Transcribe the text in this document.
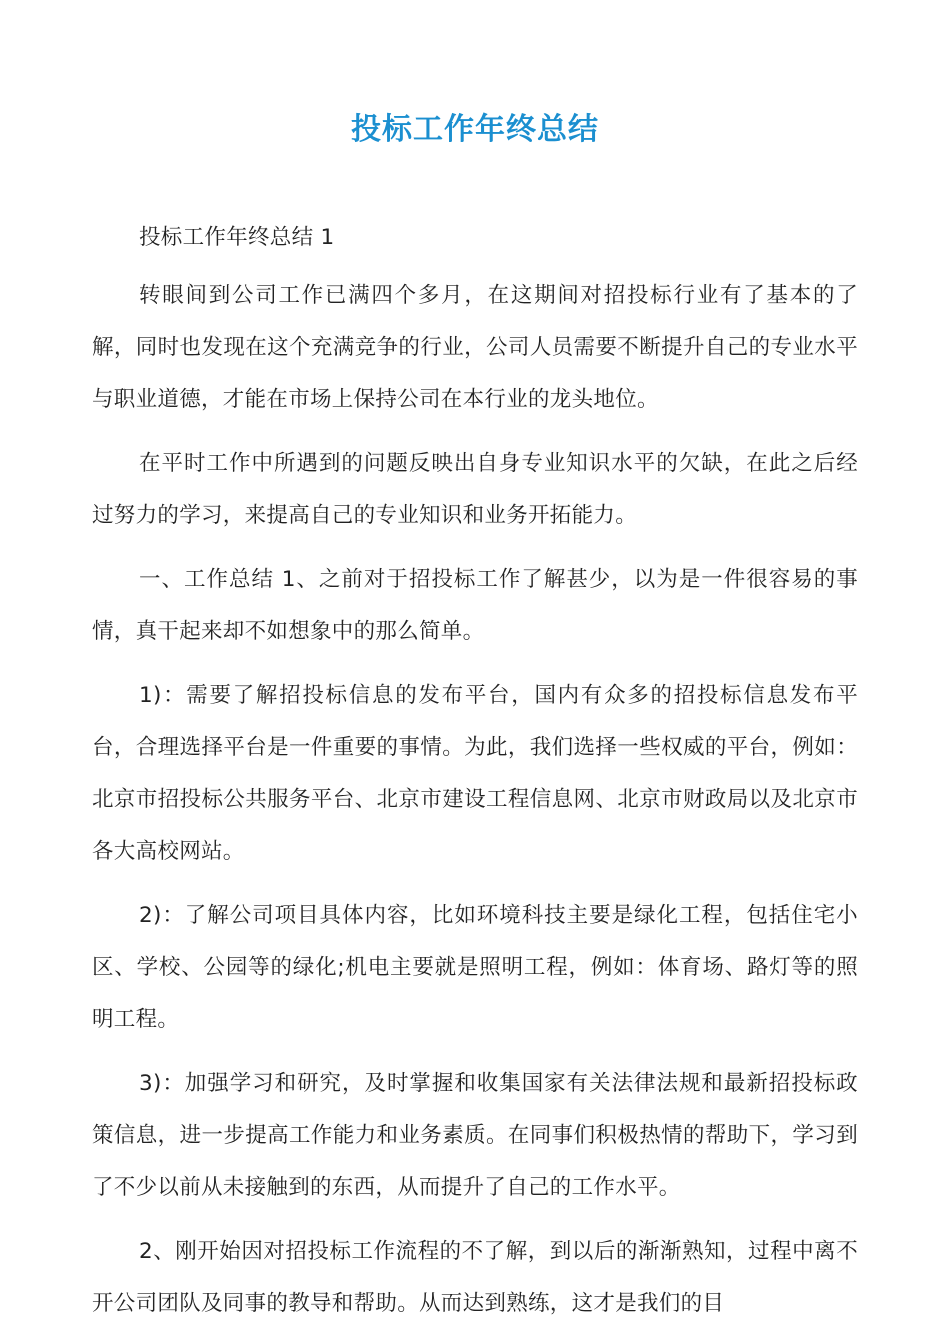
投标工作年终总结

投标工作年终总结 1

转眼间到公司工作已满四个多月，在这期间对招投标行业有了基本的了解，同时也发现在这个充满竞争的行业，公司人员需要不断提升自己的专业水平与职业道德，才能在市场上保持公司在本行业的龙头地位。

在平时工作中所遇到的问题反映出自身专业知识水平的欠缺，在此之后经过努力的学习，来提高自己的专业知识和业务开拓能力。

一、工作总结 1、之前对于招投标工作了解甚少，以为是一件很容易的事情，真干起来却不如想象中的那么简单。

1)：需要了解招投标信息的发布平台，国内有众多的招投标信息发布平台，合理选择平台是一件重要的事情。为此，我们选择一些权威的平台，例如：北京市招投标公共服务平台、北京市建设工程信息网、北京市财政局以及北京市各大高校网站。

2)：了解公司项目具体内容，比如环境科技主要是绿化工程，包括住宅小区、学校、公园等的绿化;机电主要就是照明工程，例如：体育场、路灯等的照明工程。

3)：加强学习和研究，及时掌握和收集国家有关法律法规和最新招投标政策信息，进一步提高工作能力和业务素质。在同事们积极热情的帮助下，学习到了不少以前从未接触到的东西，从而提升了自己的工作水平。

2、刚开始因对招投标工作流程的不了解，到以后的渐渐熟知，过程中离不开公司团队及同事的教导和帮助。从而达到熟练，这才是我们的目
